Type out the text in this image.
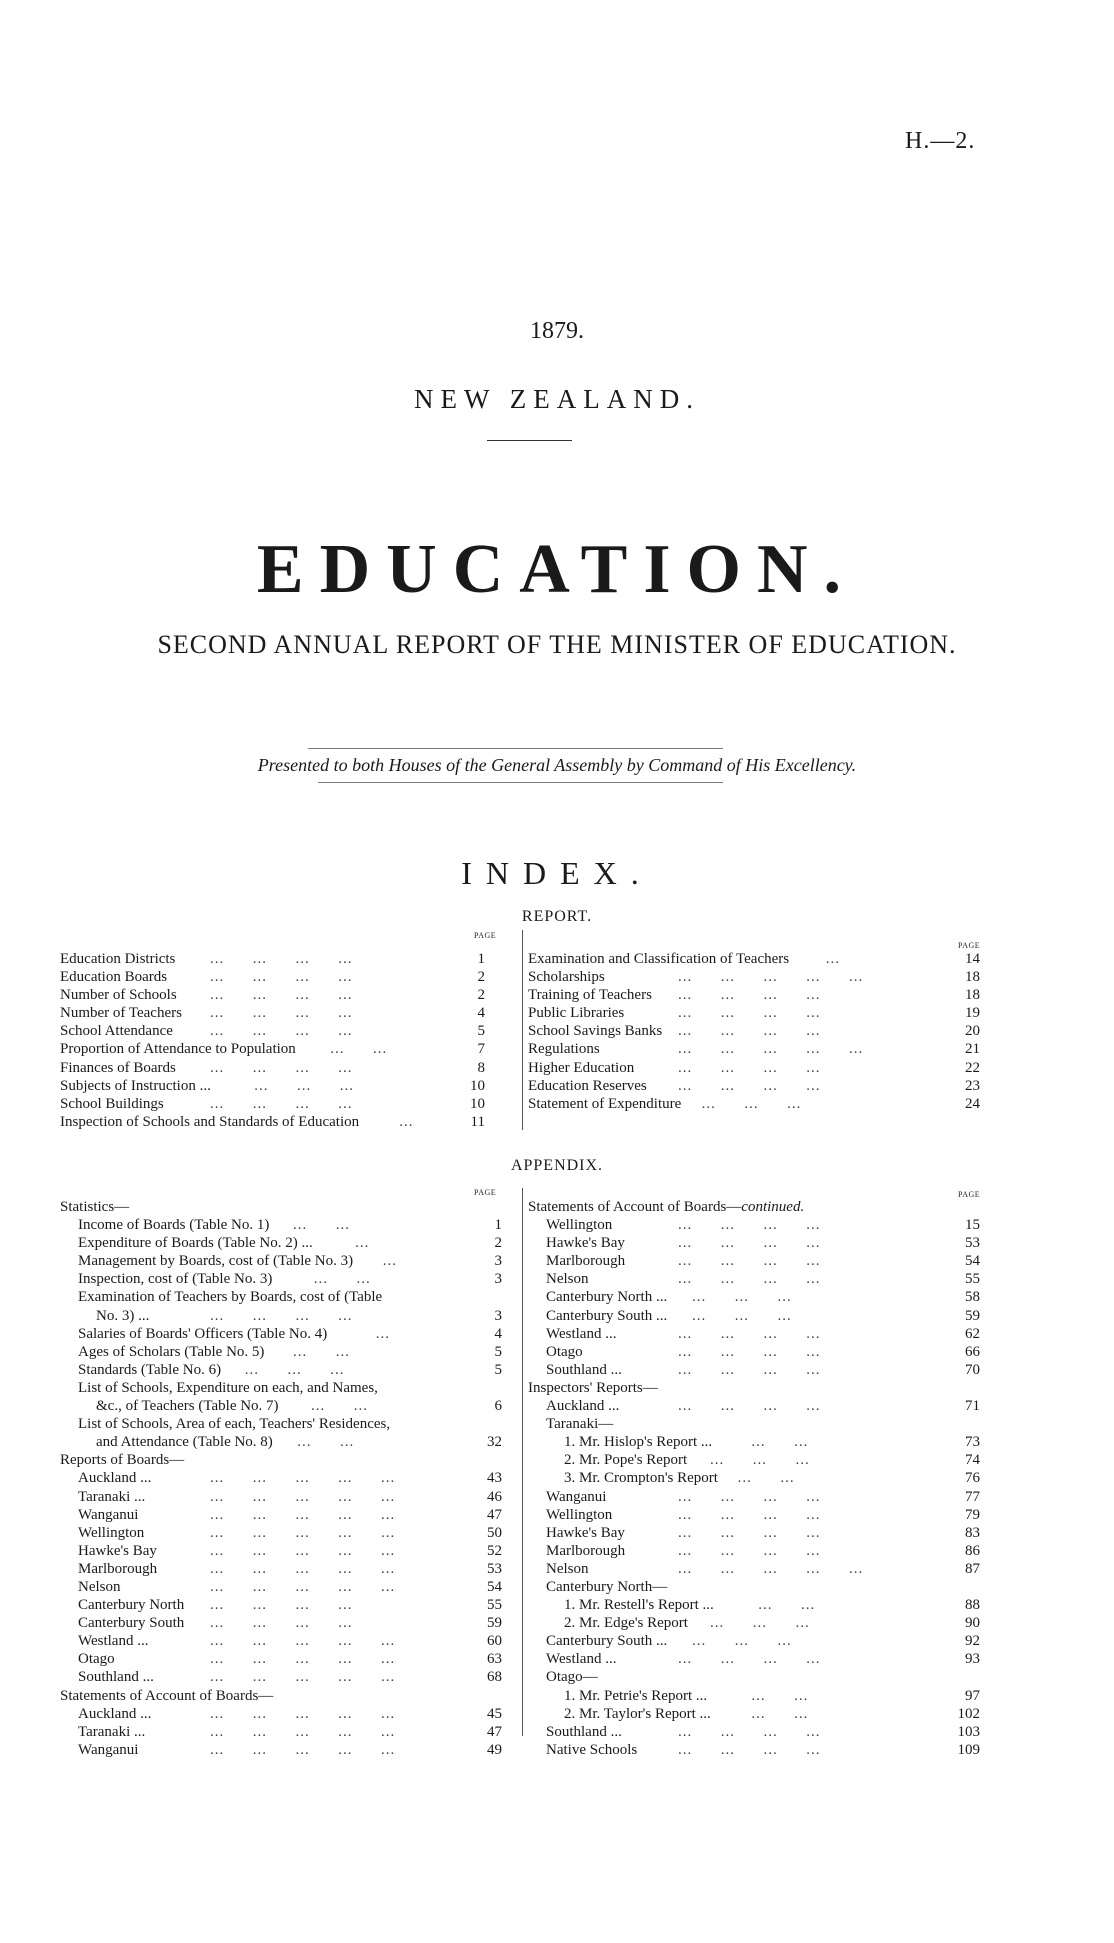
H.—2.
1879.
NEW ZEALAND.
EDUCATION.
SECOND ANNUAL REPORT OF THE MINISTER OF EDUCATION.
Presented to both Houses of the General Assembly by Command of His Excellency.
INDEX.
REPORT.
PAGE
PAGE
Education Districts ...      ...      ...      ...	1
Education Boards	...      ...      ...      ...	2
Number of Schools ...      ...      ...      ...	2
Number of Teachers ...      ...      ...      ...	4
School Attendance ...      ...      ...      ...	5
Proportion of Attendance to Population ...      ...	7
Finances of Boards ...      ...      ...      ...	8
Subjects of Instruction ...	...      ...      ...	10
School Buildings	...      ...      ...      ...	10
Inspection of Schools and Standards of Education	...	11
Examination and Classification of Teachers ...	14
Scholarships	...      ...      ...      ...      ...	18
Training of Teachers ...      ...      ...      ...	18
Public Libraries	...      ...      ...      ...	19
School Savings Banks ...      ...      ...      ...	20
Regulations	...      ...      ...      ...      ...	21
Higher Education	...      ...      ...      ...	22
Education Reserves ...      ...      ...      ...	23
Statement of Expenditure ...      ...      ...	24
APPENDIX.
PAGE	PAGE
Statistics—
Income of Boards (Table No. 1) ...      ...	1
Expenditure of Boards (Table No. 2) ...	...	2
Management by Boards, cost of (Table No. 3) ...	3
Inspection, cost of (Table No. 3)	...      ...	3
Examination of Teachers by Boards, cost of (Table
No. 3) ...	...      ...      ...      ...	3
Salaries of Boards' Officers (Table No. 4)	...	4
Ages of Scholars (Table No. 5) ...      ...	5
Standards (Table No. 6) ...      ...      ...	5
List of Schools, Expenditure on each, and Names,
&c., of Teachers (Table No. 7) ...      ...	6
List of Schools, Area of each, Teachers' Residences,
and Attendance (Table No. 8) ...      ...	32
Reports of Boards—
Auckland ...	...      ...      ...      ...      ...	43
Taranaki ...	...      ...      ...      ...      ...	46
Wanganui	...      ...      ...      ...      ...	47
Wellington	...      ...      ...      ...      ...	50
Hawke's Bay	...      ...      ...      ...      ...	52
Marlborough	...      ...      ...      ...      ...	53
Nelson	...      ...      ...      ...      ...	54
Canterbury North ...      ...      ...      ...	55
Canterbury South ...      ...      ...      ...	59
Westland ...	...      ...      ...      ...      ...	60
Otago	...      ...      ...      ...      ...	63
Southland ...	...      ...      ...      ...      ...	68
Statements of Account of Boards—
Auckland ...	...      ...      ...      ...      ...	45
Taranaki ...	...      ...      ...      ...      ...	47
Wanganui	...      ...      ...      ...      ...	49
Statements of Account of Boards—continued.
Wellington	...      ...      ...      ...	15
Hawke's Bay	...      ...      ...      ...	53
Marlborough	...      ...      ...      ...	54
Nelson	...      ...      ...      ...	55
Canterbury North ... ...      ...      ...	58
Canterbury South ... ...      ...      ...	59
Westland ...	...      ...      ...      ...	62
Otago	...      ...      ...      ...	66
Southland ...	...      ...      ...      ...	70
Inspectors' Reports—
Auckland ...	...      ...      ...      ...	71
Taranaki—
1. Mr. Hislop's Report ...	...      ...	73
2. Mr. Pope's Report ...      ...      ...	74
3. Mr. Crompton's Report ...      ...	76
Wanganui	...      ...      ...      ...	77
Wellington	...      ...      ...      ...	79
Hawke's Bay	...      ...      ...      ...	83
Marlborough	...      ...      ...      ...	86
Nelson	...      ...      ...      ...      ...	87
Canterbury North—
1. Mr. Restell's Report ...	...      ...	88
2. Mr. Edge's Report ...      ...      ...	90
Canterbury South ... ...      ...      ...	92
Westland ...	...      ...      ...      ...	93
Otago—
1. Mr. Petrie's Report ...	...      ...	97
2. Mr. Taylor's Report ...	...      ...	102
Southland ...	...      ...      ...      ...	103
Native Schools	...      ...      ...      ...	109
